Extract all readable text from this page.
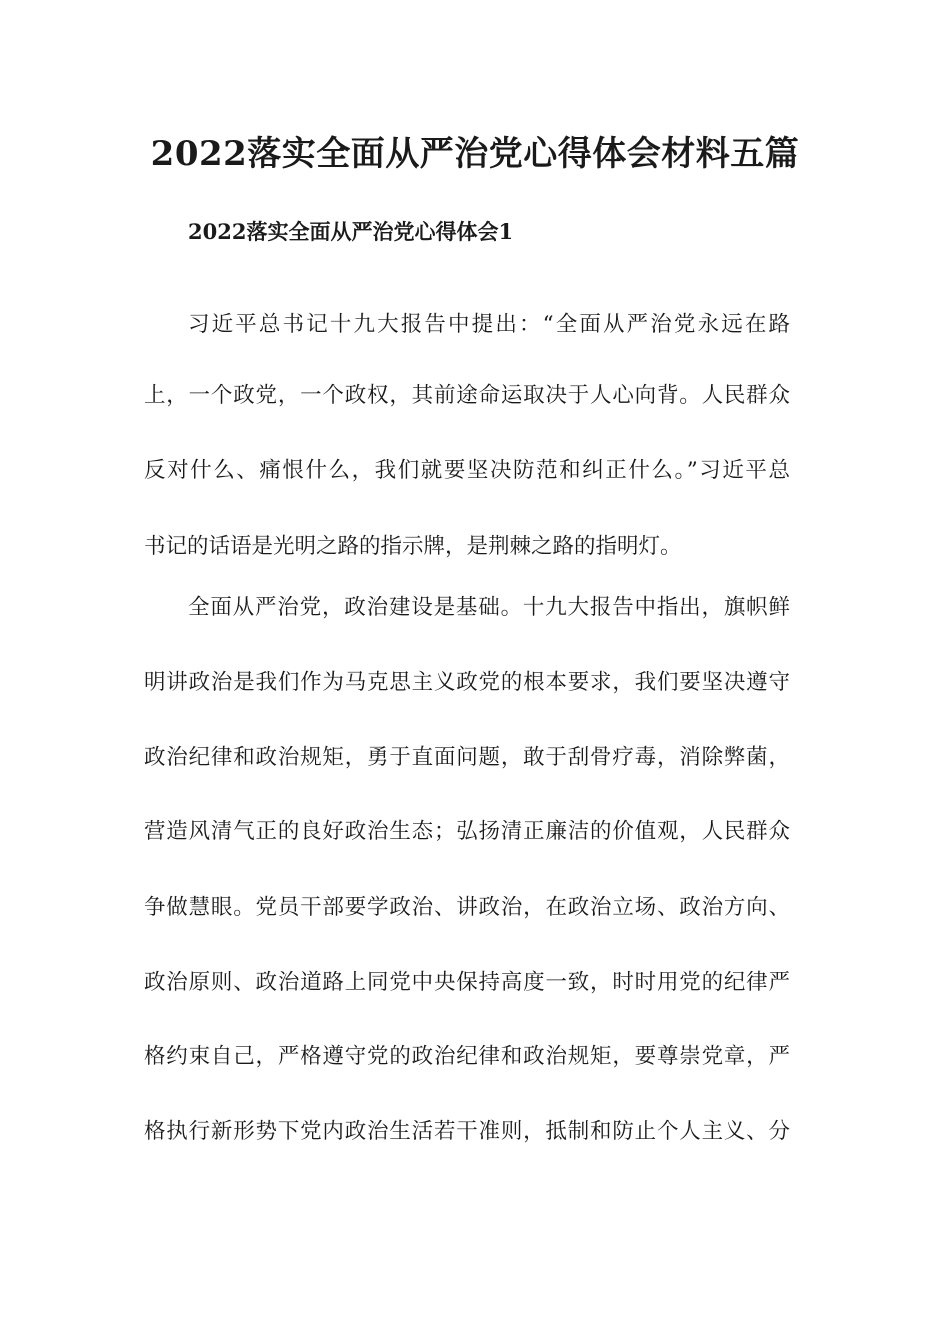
2022落实全面从严治党心得体会材料五篇
2022落实全面从严治党心得体会1

习近平总书记十九大报告中提出：“全面从严治党永远在路

上，一个政党，一个政权，其前途命运取决于人心向背。人民群众

反对什么、痛恨什么，我们就要坚决防范和纠正什么。”习近平总

书记的话语是光明之路的指示牌，是荆棘之路的指明灯。

全面从严治党，政治建设是基础。十九大报告中指出，旗帜鲜

明讲政治是我们作为马克思主义政党的根本要求，我们要坚决遵守

政治纪律和政治规矩，勇于直面问题，敢于刮骨疗毒，消除弊菌，

营造风清气正的良好政治生态；弘扬清正廉洁的价值观，人民群众

争做慧眼。党员干部要学政治、讲政治，在政治立场、政治方向、

政治原则、政治道路上同党中央保持高度一致，时时用党的纪律严

格约束自己，严格遵守党的政治纪律和政治规矩，要尊崇党章，严

格执行新形势下党内政治生活若干准则，抵制和防止个人主义、分
